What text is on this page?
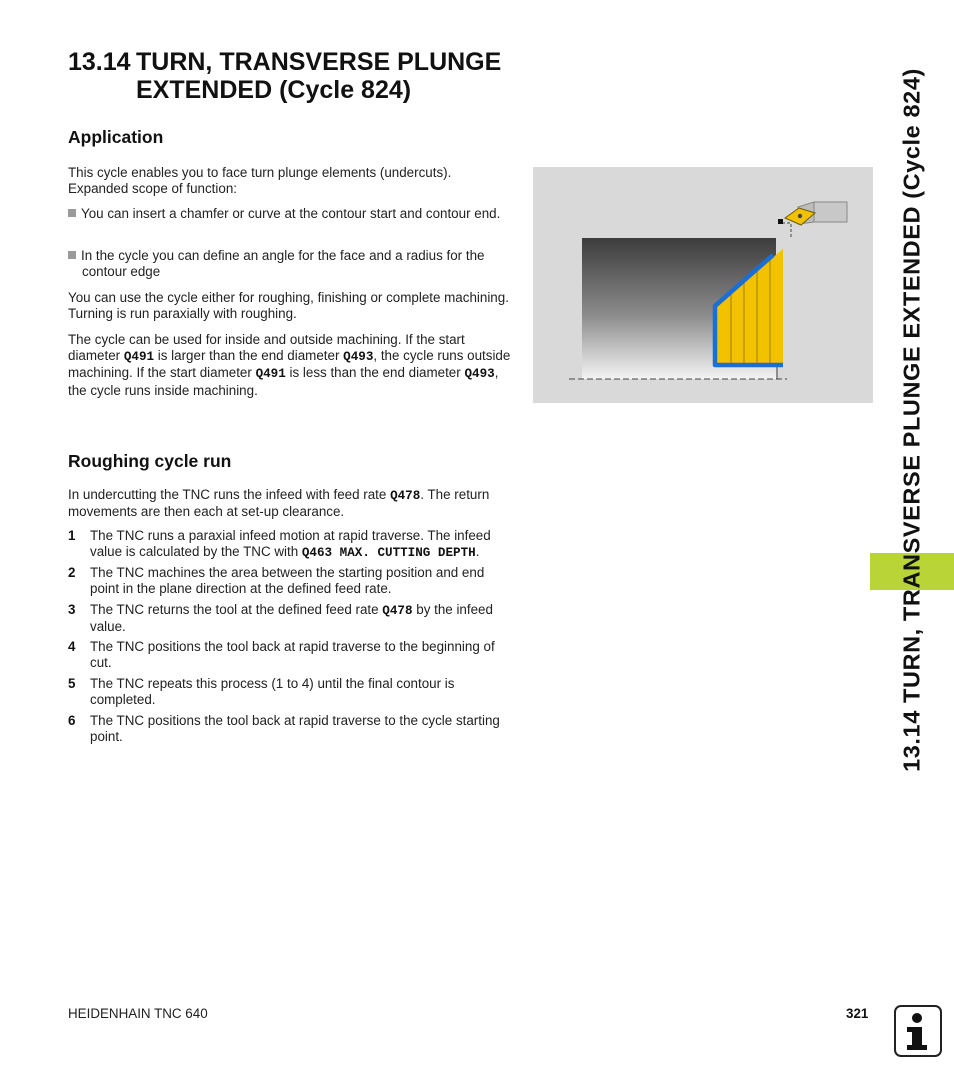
13.14 TURN, TRANSVERSE PLUNGE
EXTENDED (Cycle 824)
Application
This cycle enables you to face turn plunge elements (undercuts). Expanded scope of function:
You can insert a chamfer or curve at the contour start and contour end.
In the cycle you can define an angle for the face and a radius for the contour edge
You can use the cycle either for roughing, finishing or complete machining. Turning is run paraxially with roughing.
The cycle can be used for inside and outside machining. If the start diameter Q491 is larger than the end diameter Q493, the cycle runs outside machining. If the start diameter Q491 is less than the end diameter Q493, the cycle runs inside machining.
Roughing cycle run
In undercutting the TNC runs the infeed with feed rate Q478. The return movements are then each at set-up clearance.
1	The TNC runs a paraxial infeed motion at rapid traverse. The infeed value is calculated by the TNC with Q463 MAX. CUTTING DEPTH.
2	The TNC machines the area between the starting position and end point in the plane direction at the defined feed rate.
3	The TNC returns the tool at the defined feed rate Q478 by the infeed value.
4	The TNC positions the tool back at rapid traverse to the beginning of cut.
5	The TNC repeats this process (1 to 4) until the final contour is completed.
6	The TNC positions the tool back at rapid traverse to the cycle starting point.	13.14 TURN, TRANSVERSE PLUNGE EXTENDED (Cycle 824)
HEIDENHAIN TNC 640	321
